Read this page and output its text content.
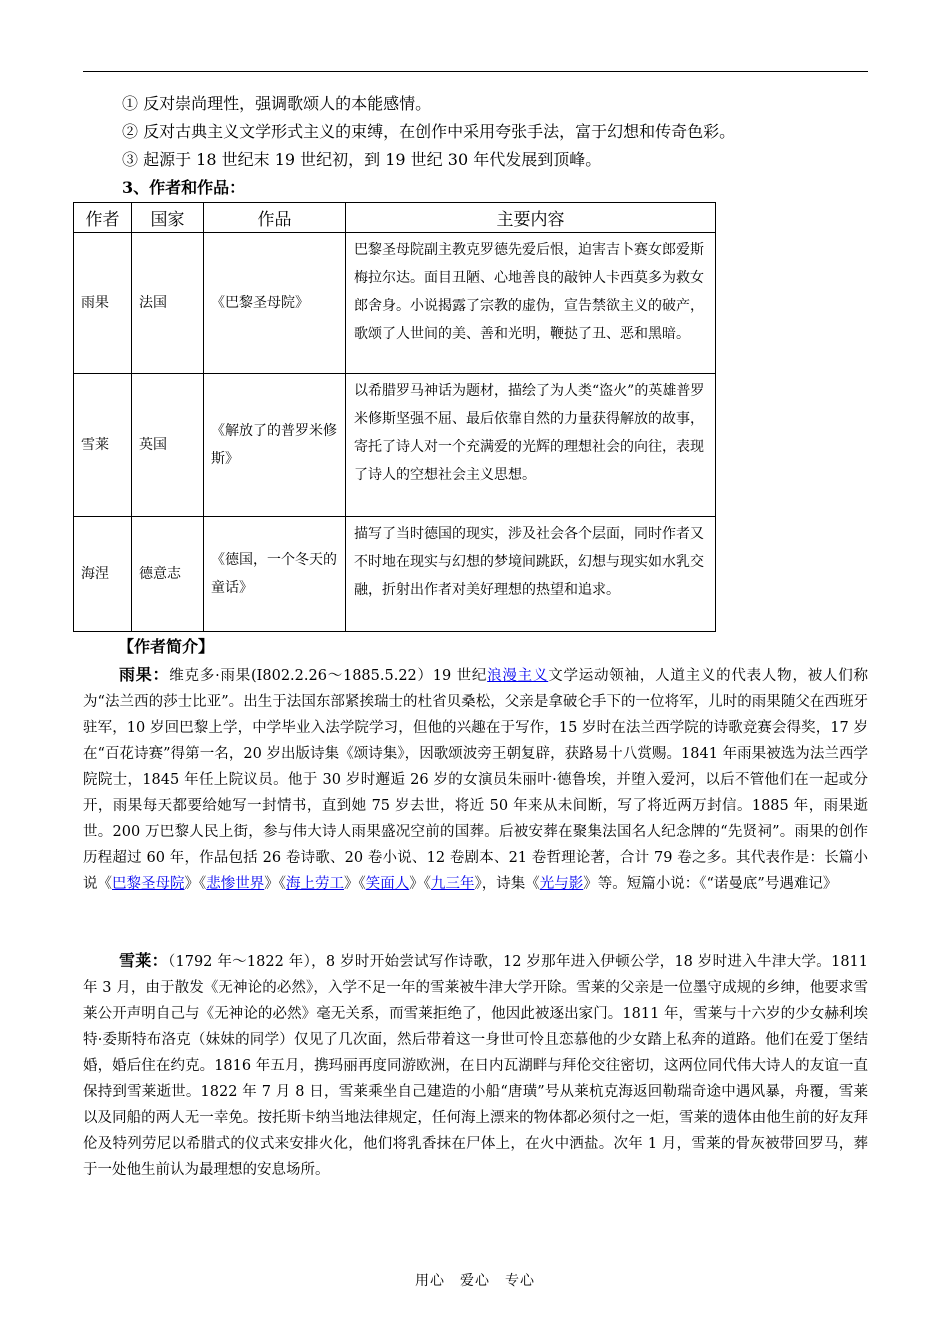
① 反对崇尚理性，强调歌颂人的本能感情。
② 反对古典主义文学形式主义的束缚，在创作中采用夸张手法，富于幻想和传奇色彩。
③ 起源于 18 世纪末 19 世纪初，到 19 世纪 30 年代发展到顶峰。
3、作者和作品：
作者	国家	作品	主要内容
雨果	法国	《巴黎圣母院》	巴黎圣母院副主教克罗德先爱后恨，迫害吉卜赛女郎爱斯梅拉尔达。面目丑陋、心地善良的敲钟人卡西莫多为救女郎舍身。小说揭露了宗教的虚伪，宣告禁欲主义的破产，歌颂了人世间的美、善和光明，鞭挞了丑、恶和黑暗。
雪莱	英国	《解放了的普罗米修斯》	以希腊罗马神话为题材，描绘了为人类“盗火”的英雄普罗米修斯坚强不屈、最后依靠自然的力量获得解放的故事，寄托了诗人对一个充满爱的光辉的理想社会的向往，表现了诗人的空想社会主义思想。
海涅	德意志	《德国，一个冬天的童话》	描写了当时德国的现实，涉及社会各个层面，同时作者又不时地在现实与幻想的梦境间跳跃，幻想与现实如水乳交融，折射出作者对美好理想的热望和追求。
【作者简介】
雨果：维克多·雨果(I802.2.26～1885.5.22）19 世纪浪漫主义文学运动领袖，人道主义的代表人物，被人们称为“法兰西的莎士比亚”。出生于法国东部紧挨瑞士的杜省贝桑松，父亲是拿破仑手下的一位将军，儿时的雨果随父在西班牙驻军，10 岁回巴黎上学，中学毕业入法学院学习，但他的兴趣在于写作，15 岁时在法兰西学院的诗歌竞赛会得奖，17 岁在“百花诗赛”得第一名，20 岁出版诗集《颂诗集》，因歌颂波旁王朝复辟，获路易十八赏赐。1841 年雨果被选为法兰西学院院士，1845 年任上院议员。他于 30 岁时邂逅 26 岁的女演员朱丽叶·德鲁埃，并堕入爱河，以后不管他们在一起或分开，雨果每天都要给她写一封情书，直到她 75 岁去世，将近 50 年来从未间断，写了将近两万封信。1885 年，雨果逝世。200 万巴黎人民上街，参与伟大诗人雨果盛况空前的国葬。后被安葬在聚集法国名人纪念牌的“先贤祠”。雨果的创作历程超过 60 年，作品包括 26 卷诗歌、20 卷小说、12 卷剧本、21 卷哲理论著，合计 79 卷之多。其代表作是：长篇小说《巴黎圣母院》《悲惨世界》《海上劳工》《笑面人》《九三年》，诗集《光与影》等。短篇小说：《“诺曼底”号遇难记》
雪莱：（1792 年～1822 年），8 岁时开始尝试写作诗歌，12 岁那年进入伊顿公学，18 岁时进入牛津大学。1811 年 3 月，由于散发《无神论的必然》，入学不足一年的雪莱被牛津大学开除。雪莱的父亲是一位墨守成规的乡绅，他要求雪莱公开声明自己与《无神论的必然》毫无关系，而雪莱拒绝了，他因此被逐出家门。1811 年，雪莱与十六岁的少女赫利埃特·委斯特布洛克（妹妹的同学）仅见了几次面，然后带着这一身世可怜且恋慕他的少女踏上私奔的道路。他们在爱丁堡结婚，婚后住在约克。1816 年五月，携玛丽再度同游欧洲，在日内瓦湖畔与拜伦交往密切，这两位同代伟大诗人的友谊一直保持到雪莱逝世。1822 年 7 月 8 日，雪莱乘坐自己建造的小船“唐璜”号从莱杭克海返回勒瑞奇途中遇风暴，舟覆，雪莱以及同船的两人无一幸免。按托斯卡纳当地法律规定，任何海上漂来的物体都必须付之一炬，雪莱的遗体由他生前的好友拜伦及特列劳尼以希腊式的仪式来安排火化，他们将乳香抹在尸体上，在火中洒盐。次年 1 月，雪莱的骨灰被带回罗马，葬于一处他生前认为最理想的安息场所。
用心　爱心　专心
